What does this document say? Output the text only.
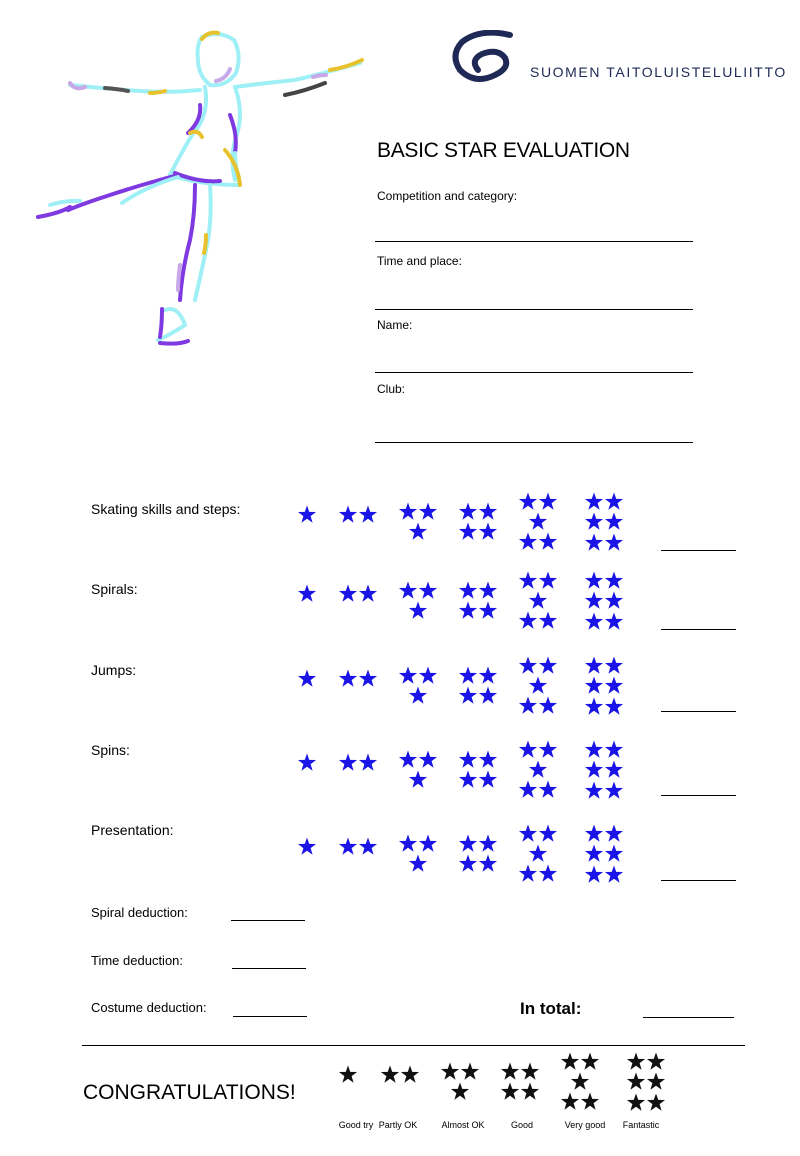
SUOMEN TAITOLUISTELULIITTO
BASIC STAR EVALUATION
Competition and category:
Time and place:
Name:
Club:
Skating skills and steps:
Spirals:
Jumps:
Spins:
Presentation:
Spiral deduction:
Time deduction:
Costume deduction:	In total:
CONGRATULATIONS!
Good try Partly OK	Almost OK	Good	Very good	Fantastic
